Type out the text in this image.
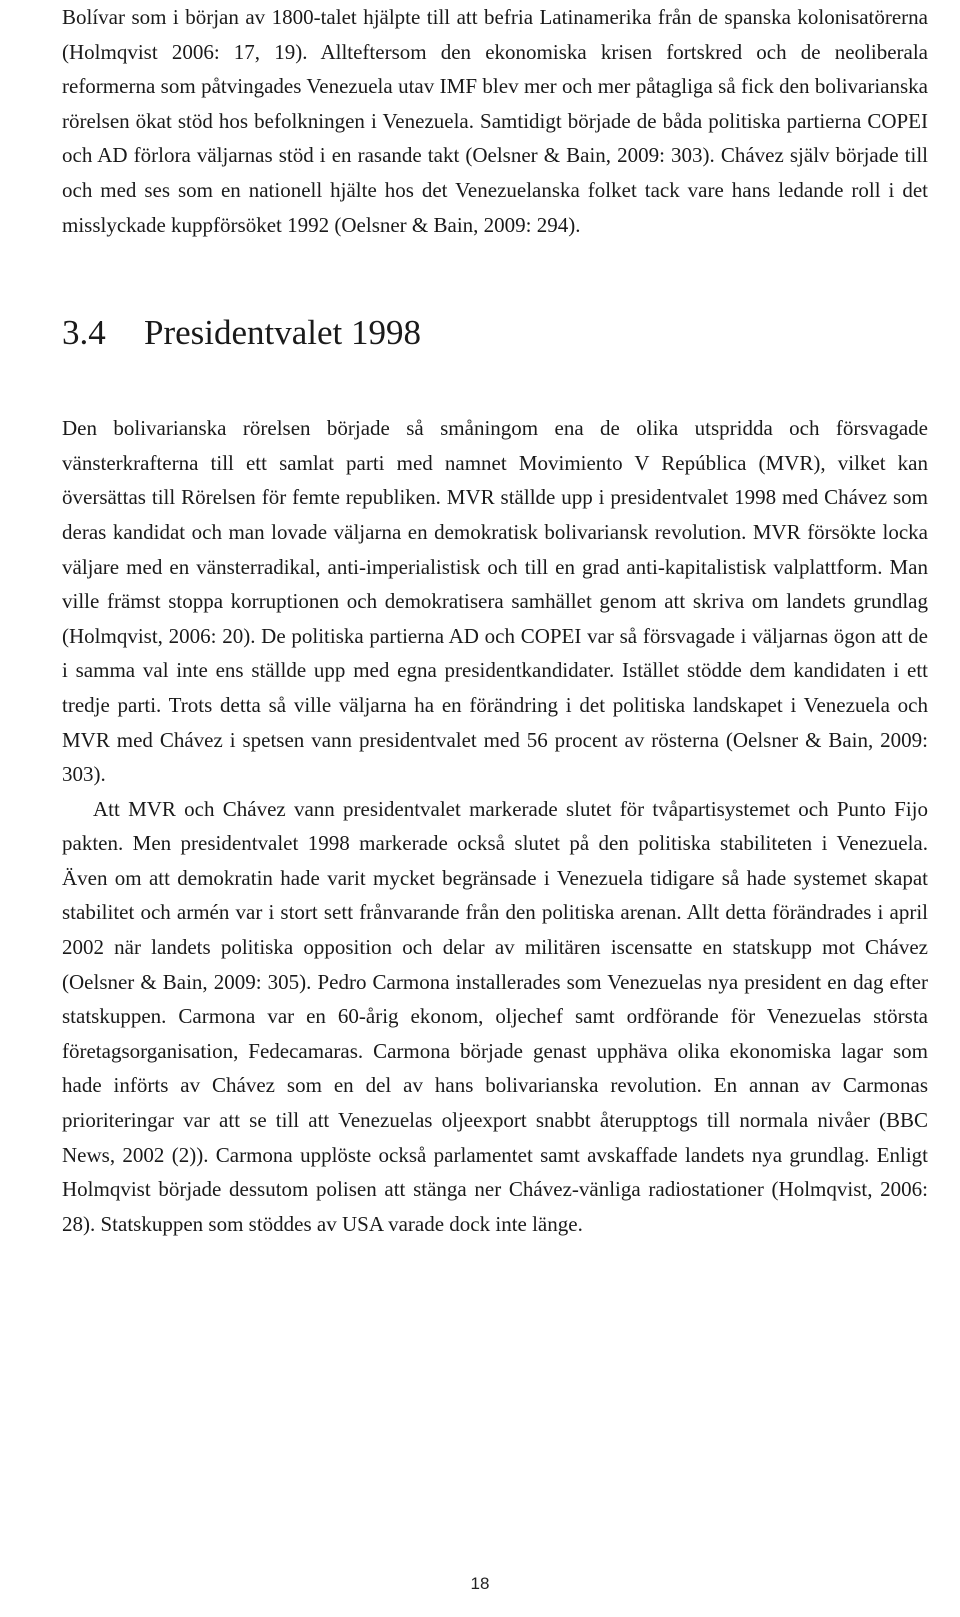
Bolívar som i början av 1800-talet hjälpte till att befria Latinamerika från de spanska kolonisatörerna (Holmqvist 2006: 17, 19). Allteftersom den ekonomiska krisen fortskred och de neoliberala reformerna som påtvingades Venezuela utav IMF blev mer och mer påtagliga så fick den bolivarianska rörelsen ökat stöd hos befolkningen i Venezuela. Samtidigt började de båda politiska partierna COPEI och AD förlora väljarnas stöd i en rasande takt (Oelsner & Bain, 2009: 303). Chávez själv började till och med ses som en nationell hjälte hos det Venezuelanska folket tack vare hans ledande roll i det misslyckade kuppförsöket 1992 (Oelsner & Bain, 2009: 294).

3.4	Presidentvalet 1998

Den bolivarianska rörelsen började så småningom ena de olika utspridda och försvagade vänsterkrafterna till ett samlat parti med namnet Movimiento V República (MVR), vilket kan översättas till Rörelsen för femte republiken. MVR ställde upp i presidentvalet 1998 med Chávez som deras kandidat och man lovade väljarna en demokratisk bolivariansk revolution. MVR försökte locka väljare med en vänsterradikal, anti-imperialistisk och till en grad anti-kapitalistisk valplattform. Man ville främst stoppa korruptionen och demokratisera samhället genom att skriva om landets grundlag (Holmqvist, 2006: 20). De politiska partierna AD och COPEI var så försvagade i väljarnas ögon att de i samma val inte ens ställde upp med egna presidentkandidater. Istället stödde dem kandidaten i ett tredje parti. Trots detta så ville väljarna ha en förändring i det politiska landskapet i Venezuela och MVR med Chávez i spetsen vann presidentvalet med 56 procent av rösterna (Oelsner & Bain, 2009: 303).

Att MVR och Chávez vann presidentvalet markerade slutet för tvåpartisystemet och Punto Fijo pakten. Men presidentvalet 1998 markerade också slutet på den politiska stabiliteten i Venezuela. Även om att demokratin hade varit mycket begränsade i Venezuela tidigare så hade systemet skapat stabilitet och armén var i stort sett frånvarande från den politiska arenan. Allt detta förändrades i april 2002 när landets politiska opposition och delar av militären iscensatte en statskupp mot Chávez (Oelsner & Bain, 2009: 305). Pedro Carmona installerades som Venezuelas nya president en dag efter statskuppen. Carmona var en 60-årig ekonom, oljechef samt ordförande för Venezuelas största företagsorganisation, Fedecamaras. Carmona började genast upphäva olika ekonomiska lagar som hade införts av Chávez som en del av hans bolivarianska revolution. En annan av Carmonas prioriteringar var att se till att Venezuelas oljeexport snabbt återupptogs till normala nivåer (BBC News, 2002 (2)). Carmona upplöste också parlamentet samt avskaffade landets nya grundlag. Enligt Holmqvist började dessutom polisen att stänga ner Chávez-vänliga radiostationer (Holmqvist, 2006: 28). Statskuppen som stöddes av USA varade dock inte länge.

18
